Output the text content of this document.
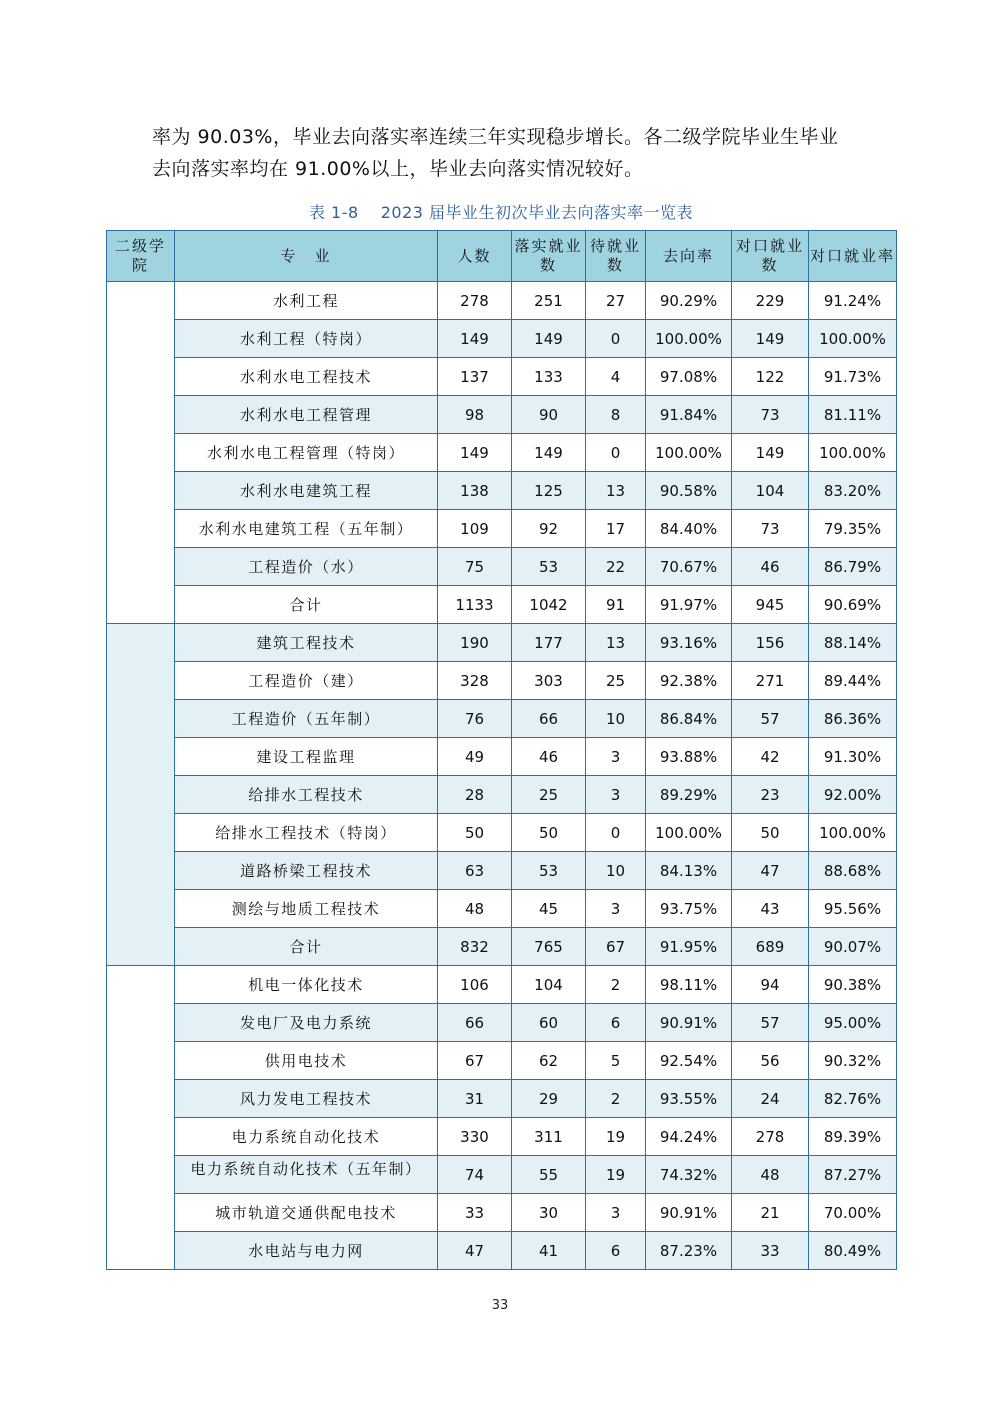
率为 90.03%，毕业去向落实率连续三年实现稳步增长。各二级学院毕业生毕业

去向落实率均在 91.00%以上，毕业去向落实情况较好。

表 1-8　 2023 届毕业生初次毕业去向落实率一览表
二级学院	专　业	人数	落实就业数	待就业数	去向率	对口就业数	对口就业率
	水利工程	278	251	27	90.29%	229	91.24%
	水利工程（特岗）	149	149	0	100.00%	149	100.00%
	水利水电工程技术	137	133	4	97.08%	122	91.73%
	水利水电工程管理	98	90	8	91.84%	73	81.11%
	水利水电工程管理（特岗）	149	149	0	100.00%	149	100.00%
	水利水电建筑工程	138	125	13	90.58%	104	83.20%
	水利水电建筑工程（五年制）	109	92	17	84.40%	73	79.35%
	工程造价（水）	75	53	22	70.67%	46	86.79%
	合计	1133	1042	91	91.97%	945	90.69%
	建筑工程技术	190	177	13	93.16%	156	88.14%
	工程造价（建）	328	303	25	92.38%	271	89.44%
	工程造价（五年制）	76	66	10	86.84%	57	86.36%
	建设工程监理	49	46	3	93.88%	42	91.30%
	给排水工程技术	28	25	3	89.29%	23	92.00%
	给排水工程技术（特岗）	50	50	0	100.00%	50	100.00%
	道路桥梁工程技术	63	53	10	84.13%	47	88.68%
	测绘与地质工程技术	48	45	3	93.75%	43	95.56%
	合计	832	765	67	91.95%	689	90.07%
	机电一体化技术	106	104	2	98.11%	94	90.38%
	发电厂及电力系统	66	60	6	90.91%	57	95.00%
	供用电技术	67	62	5	92.54%	56	90.32%
	风力发电工程技术	31	29	2	93.55%	24	82.76%
	电力系统自动化技术	330	311	19	94.24%	278	89.39%

	电力系统自动化技术（五年制）	74	55	19	74.32%	48	87.27%
	城市轨道交通供配电技术	33	30	3	90.91%	21	70.00%
	水电站与电力网	47	41	6	87.23%	33	80.49%
33
